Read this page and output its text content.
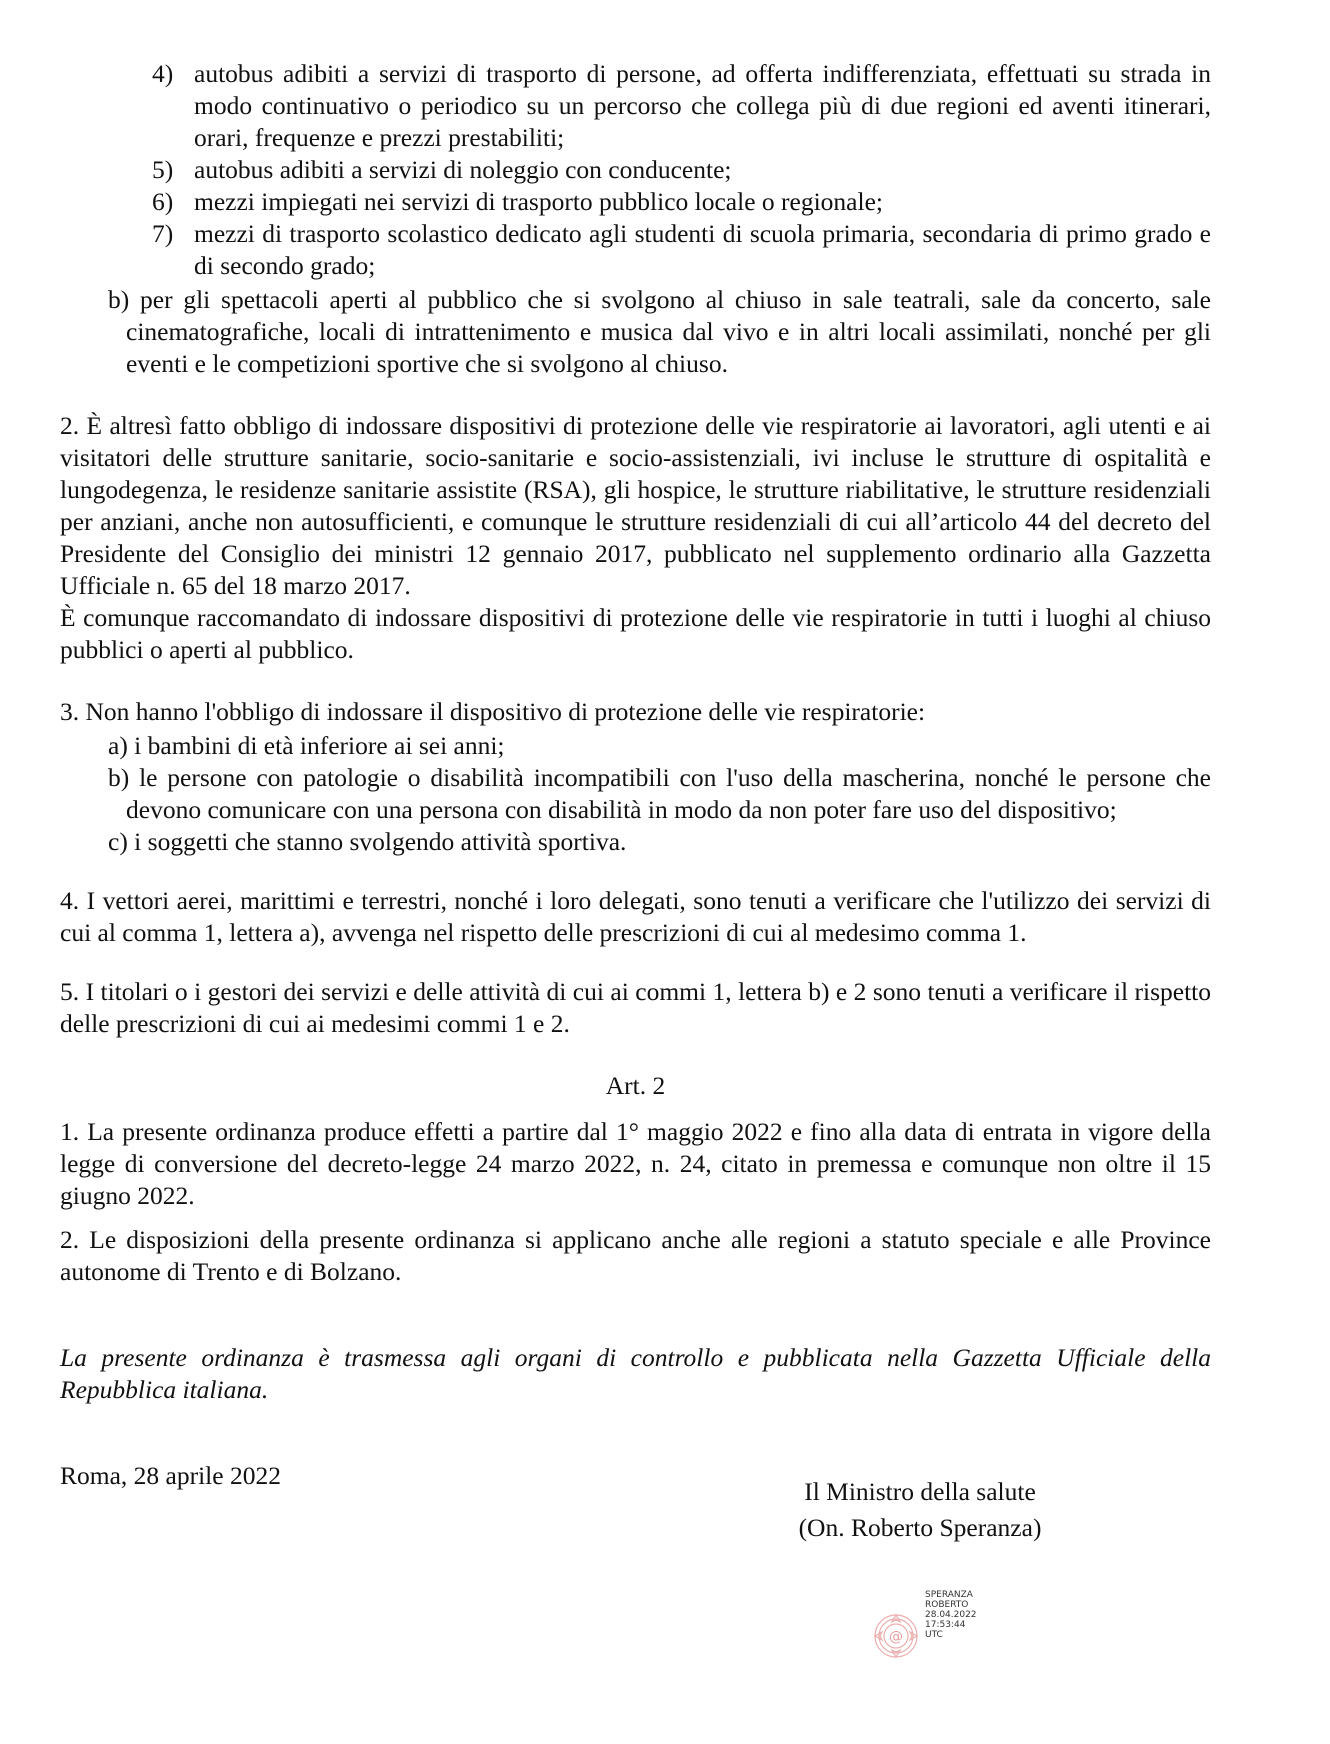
4) autobus adibiti a servizi di trasporto di persone, ad offerta indifferenziata, effettuati su strada in modo continuativo o periodico su un percorso che collega più di due regioni ed aventi itinerari, orari, frequenze e prezzi prestabiliti;
5) autobus adibiti a servizi di noleggio con conducente;
6) mezzi impiegati nei servizi di trasporto pubblico locale o regionale;
7) mezzi di trasporto scolastico dedicato agli studenti di scuola primaria, secondaria di primo grado e di secondo grado;

b) per gli spettacoli aperti al pubblico che si svolgono al chiuso in sale teatrali, sale da concerto, sale cinematografiche, locali di intrattenimento e musica dal vivo e in altri locali assimilati, nonché per gli eventi e le competizioni sportive che si svolgono al chiuso.

2. È altresì fatto obbligo di indossare dispositivi di protezione delle vie respiratorie ai lavoratori, agli utenti e ai visitatori delle strutture sanitarie, socio-sanitarie e socio-assistenziali, ivi incluse le strutture di ospitalità e lungodegenza, le residenze sanitarie assistite (RSA), gli hospice, le strutture riabilitative, le strutture residenziali per anziani, anche non autosufficienti, e comunque le strutture residenziali di cui all’articolo 44 del decreto del Presidente del Consiglio dei ministri 12 gennaio 2017, pubblicato nel supplemento ordinario alla Gazzetta Ufficiale n. 65 del 18 marzo 2017.

È comunque raccomandato di indossare dispositivi di protezione delle vie respiratorie in tutti i luoghi al chiuso pubblici o aperti al pubblico.

3. Non hanno l'obbligo di indossare il dispositivo di protezione delle vie respiratorie:

a) i bambini di età inferiore ai sei anni;

b) le persone con patologie o disabilità incompatibili con l'uso della mascherina, nonché le persone che devono comunicare con una persona con disabilità in modo da non poter fare uso del dispositivo;

c) i soggetti che stanno svolgendo attività sportiva.

4. I vettori aerei, marittimi e terrestri, nonché i loro delegati, sono tenuti a verificare che l'utilizzo dei servizi di cui al comma 1, lettera a), avvenga nel rispetto delle prescrizioni di cui al medesimo comma 1.

5. I titolari o i gestori dei servizi e delle attività di cui ai commi 1, lettera b) e 2 sono tenuti a verificare il rispetto delle prescrizioni di cui ai medesimi commi 1 e 2.

Art. 2

1. La presente ordinanza produce effetti a partire dal 1° maggio 2022 e fino alla data di entrata in vigore della legge di conversione del decreto-legge 24 marzo 2022, n. 24, citato in premessa e comunque non oltre il 15 giugno 2022.

2. Le disposizioni della presente ordinanza si applicano anche alle regioni a statuto speciale e alle Province autonome di Trento e di Bolzano.

La presente ordinanza è trasmessa agli organi di controllo e pubblicata nella Gazzetta Ufficiale della Repubblica italiana.

Roma, 28 aprile 2022
Il Ministro della salute
(On. Roberto Speranza)
@
SPERANZA
ROBERTO
28.04.2022
17:53:44
UTC
